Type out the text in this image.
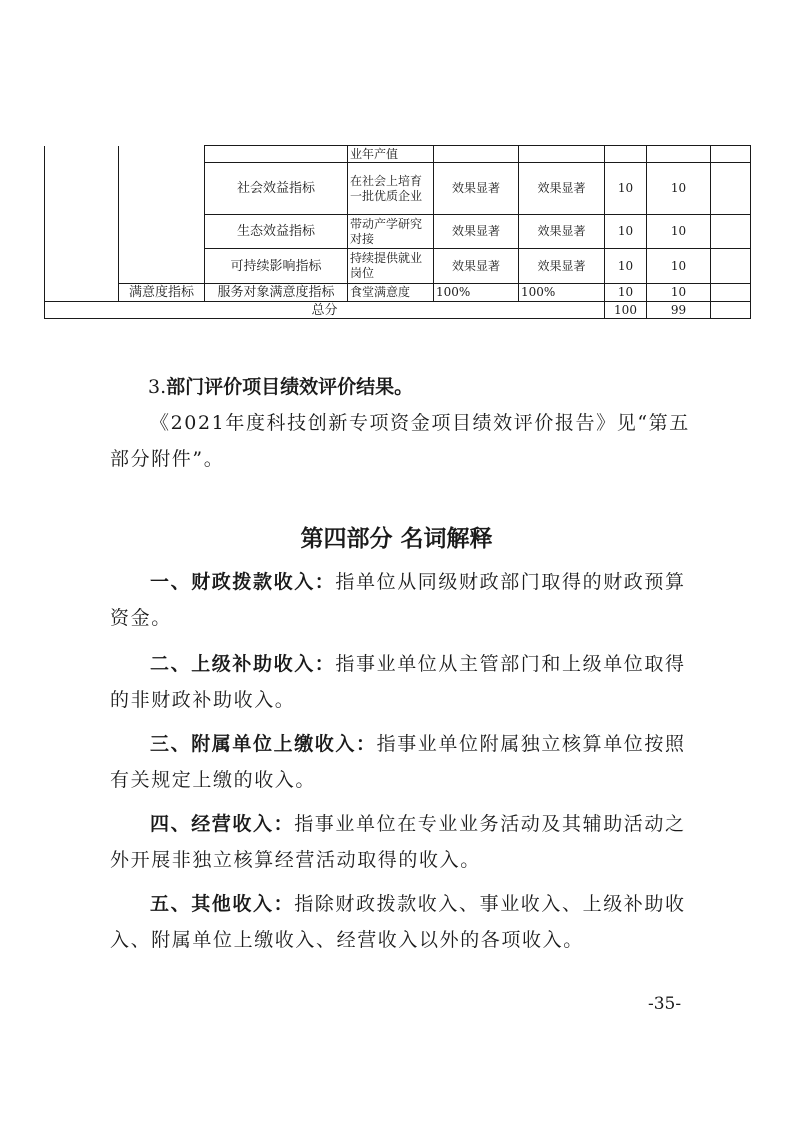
			业年产值					
		社会效益指标	在社会上培育一批优质企业	效果显著	效果显著	10	10	
		生态效益指标	带动产学研究对接	效果显著	效果显著	10	10	
		可持续影响指标	持续提供就业岗位	效果显著	效果显著	10	10	
	满意度指标	服务对象满意度指标	食堂满意度	100%	100%	10	10	
总分						100	99	
3.部门评价项目绩效评价结果。

《2021年度科技创新专项资金项目绩效评价报告》见“第五部分附件”。

第四部分 名词解释

一、财政拨款收入：指单位从同级财政部门取得的财政预算资金。

二、上级补助收入：指事业单位从主管部门和上级单位取得的非财政补助收入。

三、附属单位上缴收入：指事业单位附属独立核算单位按照有关规定上缴的收入。

四、经营收入：指事业单位在专业业务活动及其辅助活动之外开展非独立核算经营活动取得的收入。

五、其他收入：指除财政拨款收入、事业收入、上级补助收入、附属单位上缴收入、经营收入以外的各项收入。

-35-
